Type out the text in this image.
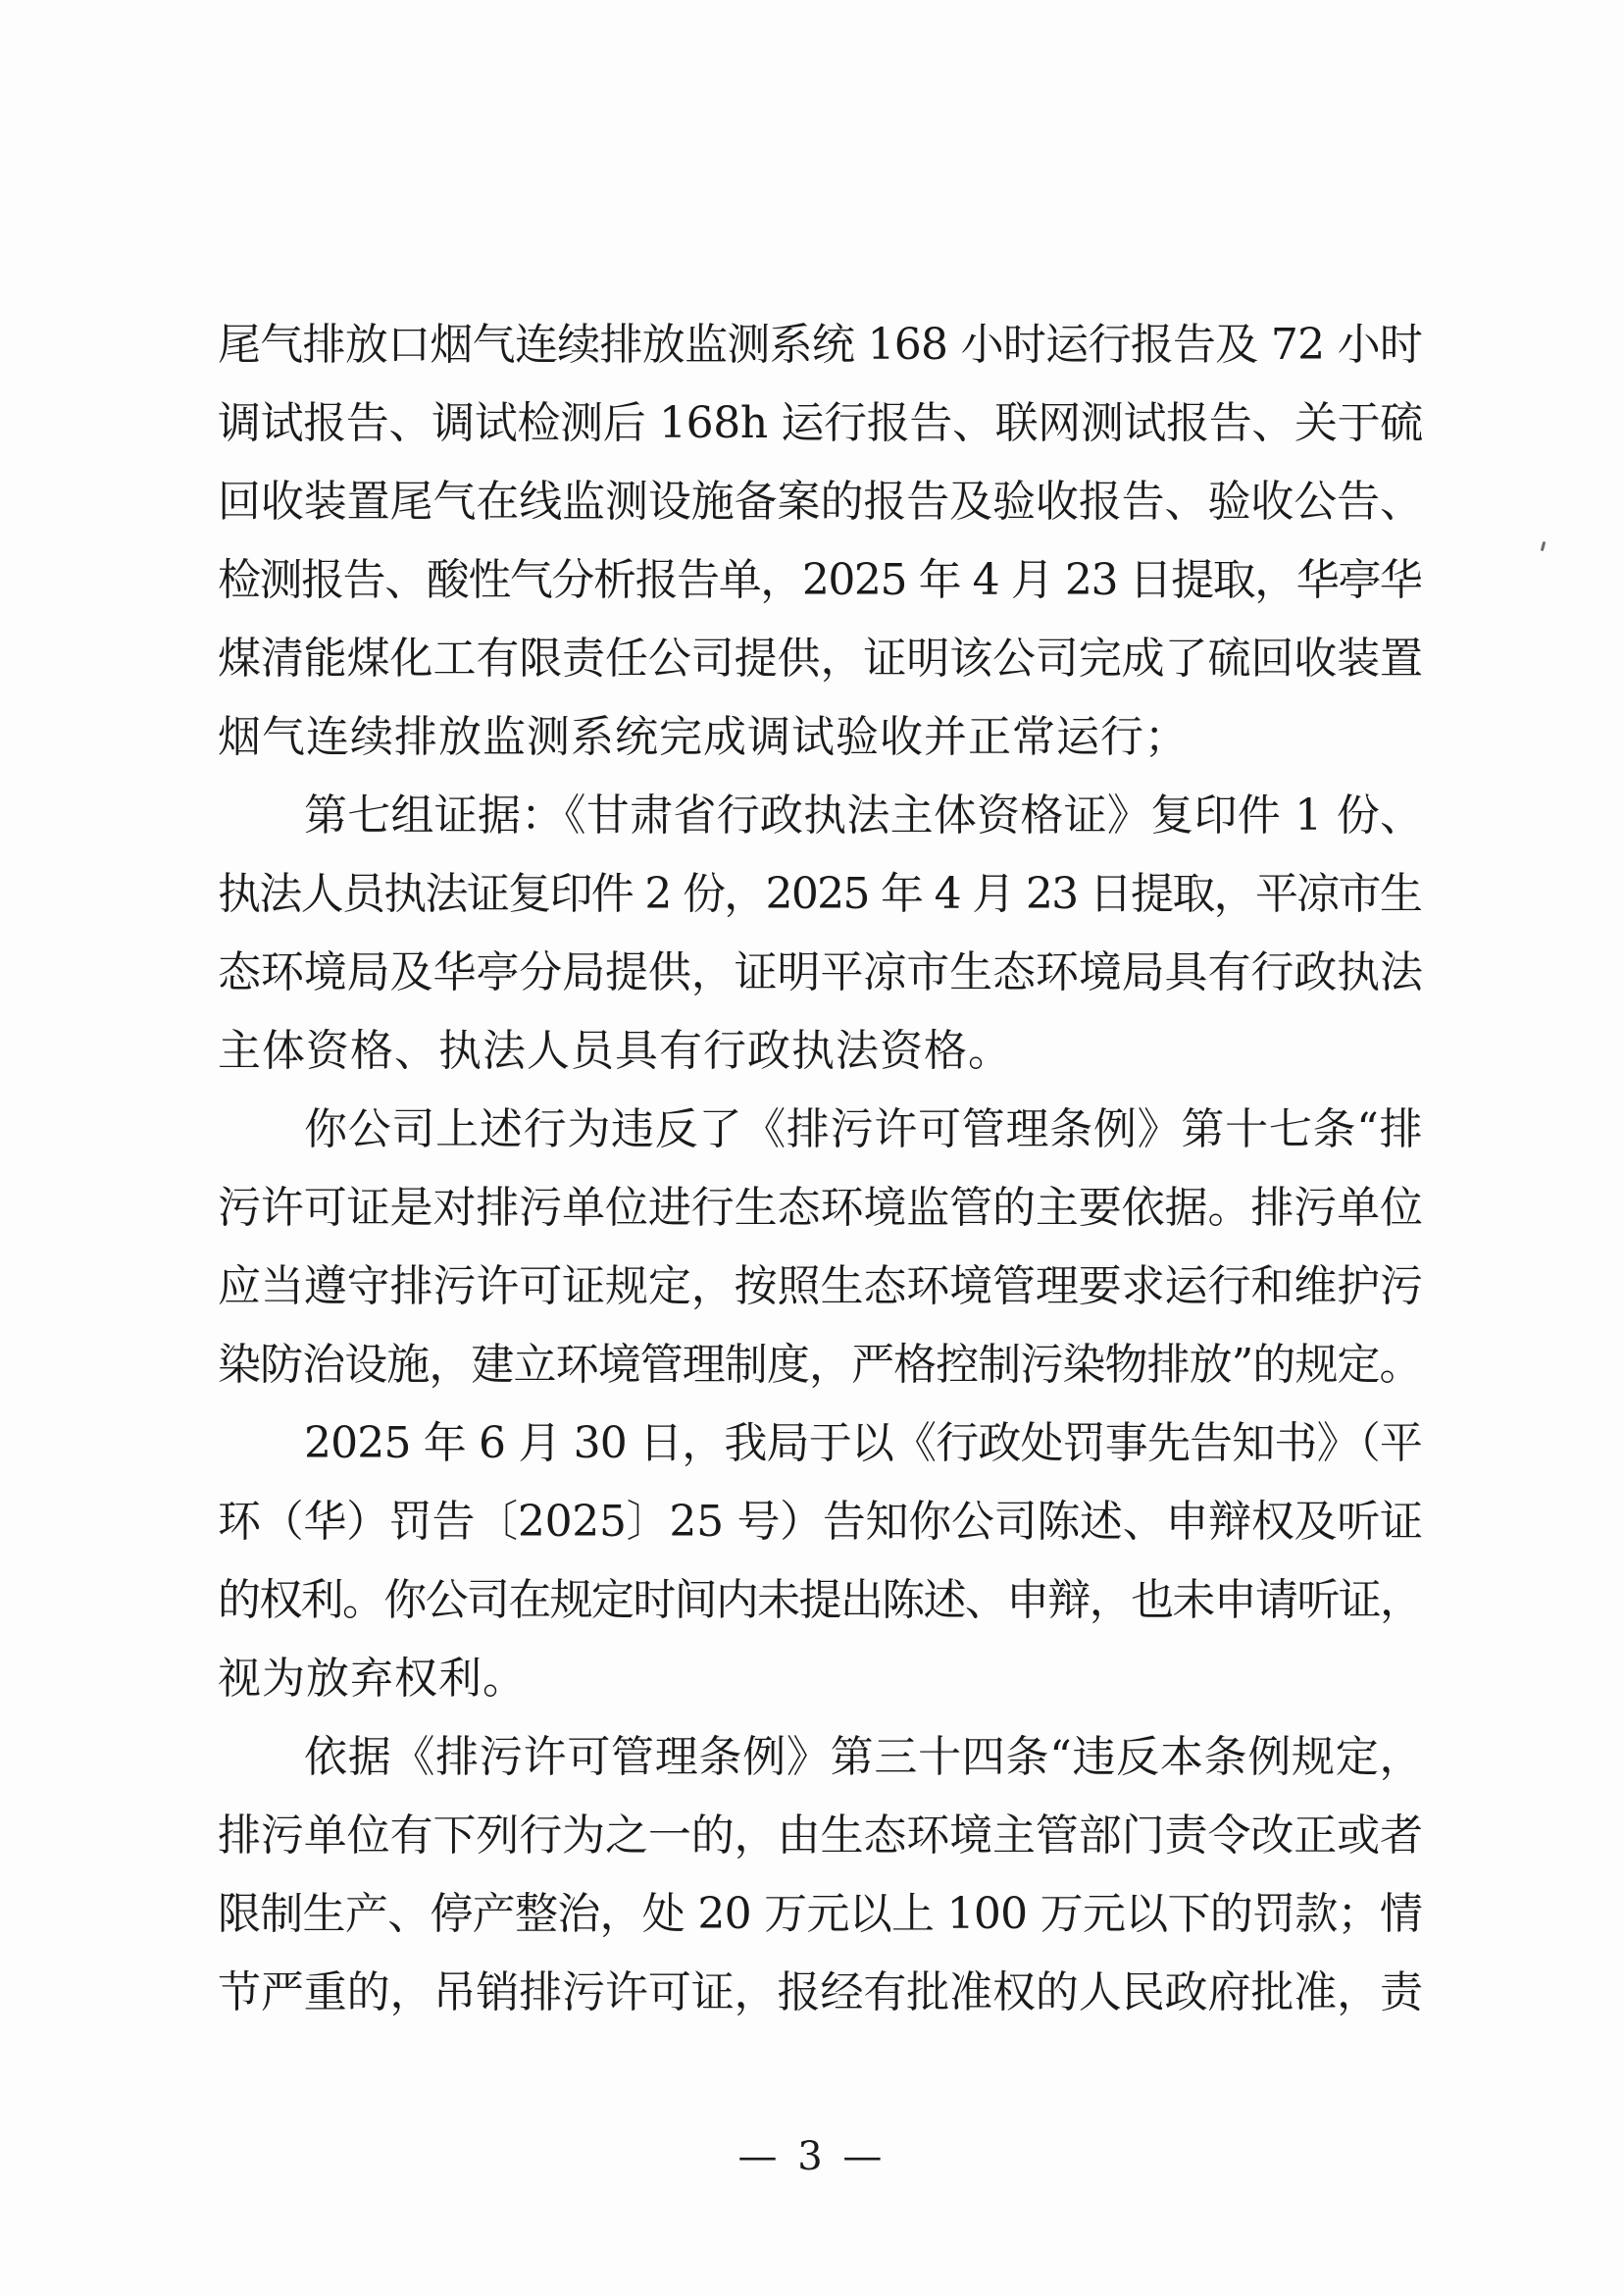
尾气排放口烟气连续排放监测系统 168 小时运行报告及 72 小时
调试报告、调试检测后 168h 运行报告、联网测试报告、关于硫
回收装置尾气在线监测设施备案的报告及验收报告、验收公告、
检测报告、酸性气分析报告单，2025 年 4 月 23 日提取，华亭华
煤清能煤化工有限责任公司提供，证明该公司完成了硫回收装置
烟气连续排放监测系统完成调试验收并正常运行；
第七组证据：《甘肃省行政执法主体资格证》复印件 1 份、
执法人员执法证复印件 2 份，2025 年 4 月 23 日提取，平凉市生
态环境局及华亭分局提供，证明平凉市生态环境局具有行政执法
主体资格、执法人员具有行政执法资格。
你公司上述行为违反了《排污许可管理条例》第十七条“排
污许可证是对排污单位进行生态环境监管的主要依据。排污单位
应当遵守排污许可证规定，按照生态环境管理要求运行和维护污
染防治设施，建立环境管理制度，严格控制污染物排放”的规定。
2025 年 6 月 30 日，我局于以《行政处罚事先告知书》（平
环（华）罚告〔2025〕25 号）告知你公司陈述、申辩权及听证
的权利。你公司在规定时间内未提出陈述、申辩，也未申请听证，
视为放弃权利。
依据《排污许可管理条例》第三十四条“违反本条例规定，
排污单位有下列行为之一的，由生态环境主管部门责令改正或者
限制生产、停产整治，处 20 万元以上 100 万元以下的罚款；情
节严重的，吊销排污许可证，报经有批准权的人民政府批准，责
— 3 —
